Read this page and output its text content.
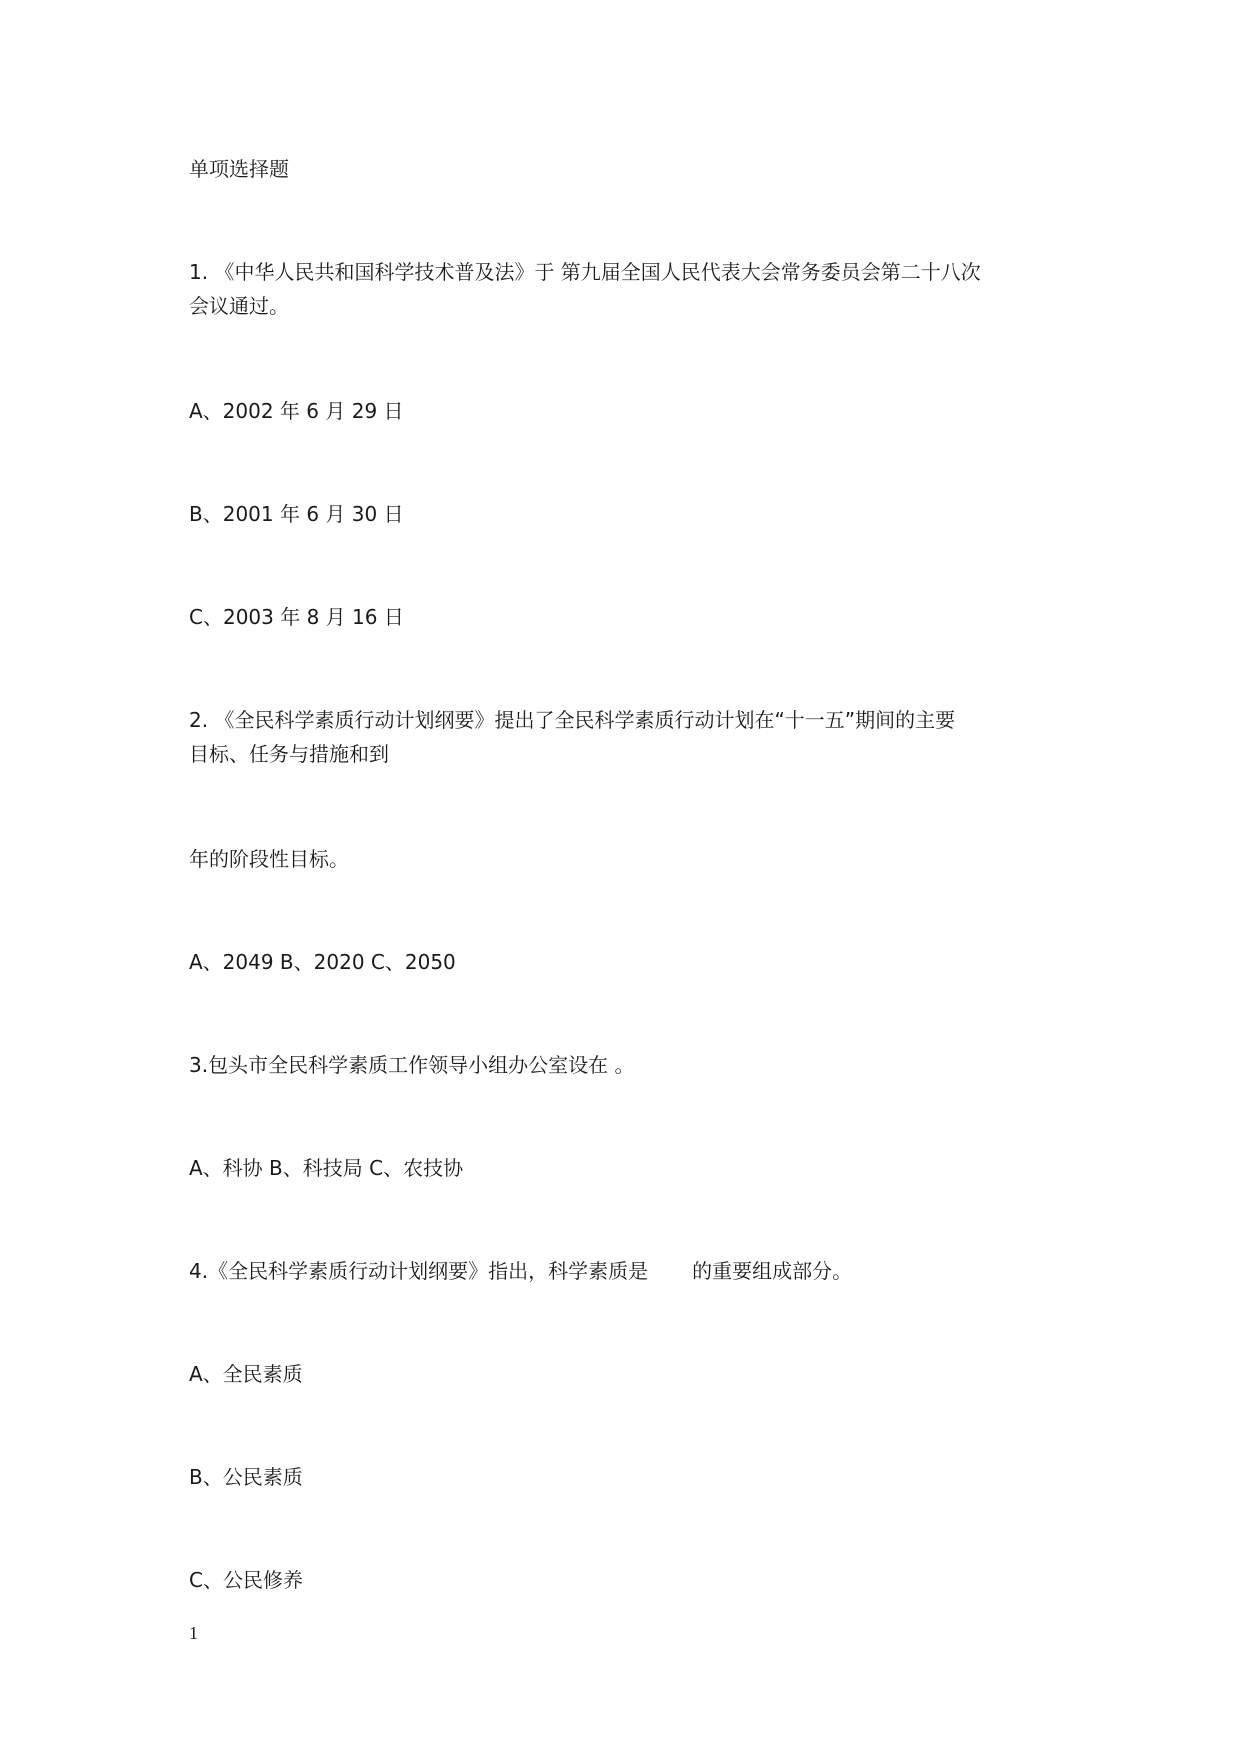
单项选择题
1. 《中华人民共和国科学技术普及法》于 第九届全国人民代表大会常务委员会第二十八次
会议通过。
A、2002 年 6 月 29 日
B、2001 年 6 月 30 日
C、2003 年 8 月 16 日
2. 《全民科学素质行动计划纲要》提出了全民科学素质行动计划在“十一五”期间的主要
目标、任务与措施和到
年的阶段性目标。
A、2049 B、2020 C、2050
3.包头市全民科学素质工作领导小组办公室设在 。
A、科协 B、科技局 C、农技协
4.《全民科学素质行动计划纲要》指出，科学素质是 的重要组成部分。
A、全民素质
B、公民素质
C、公民修养
1
